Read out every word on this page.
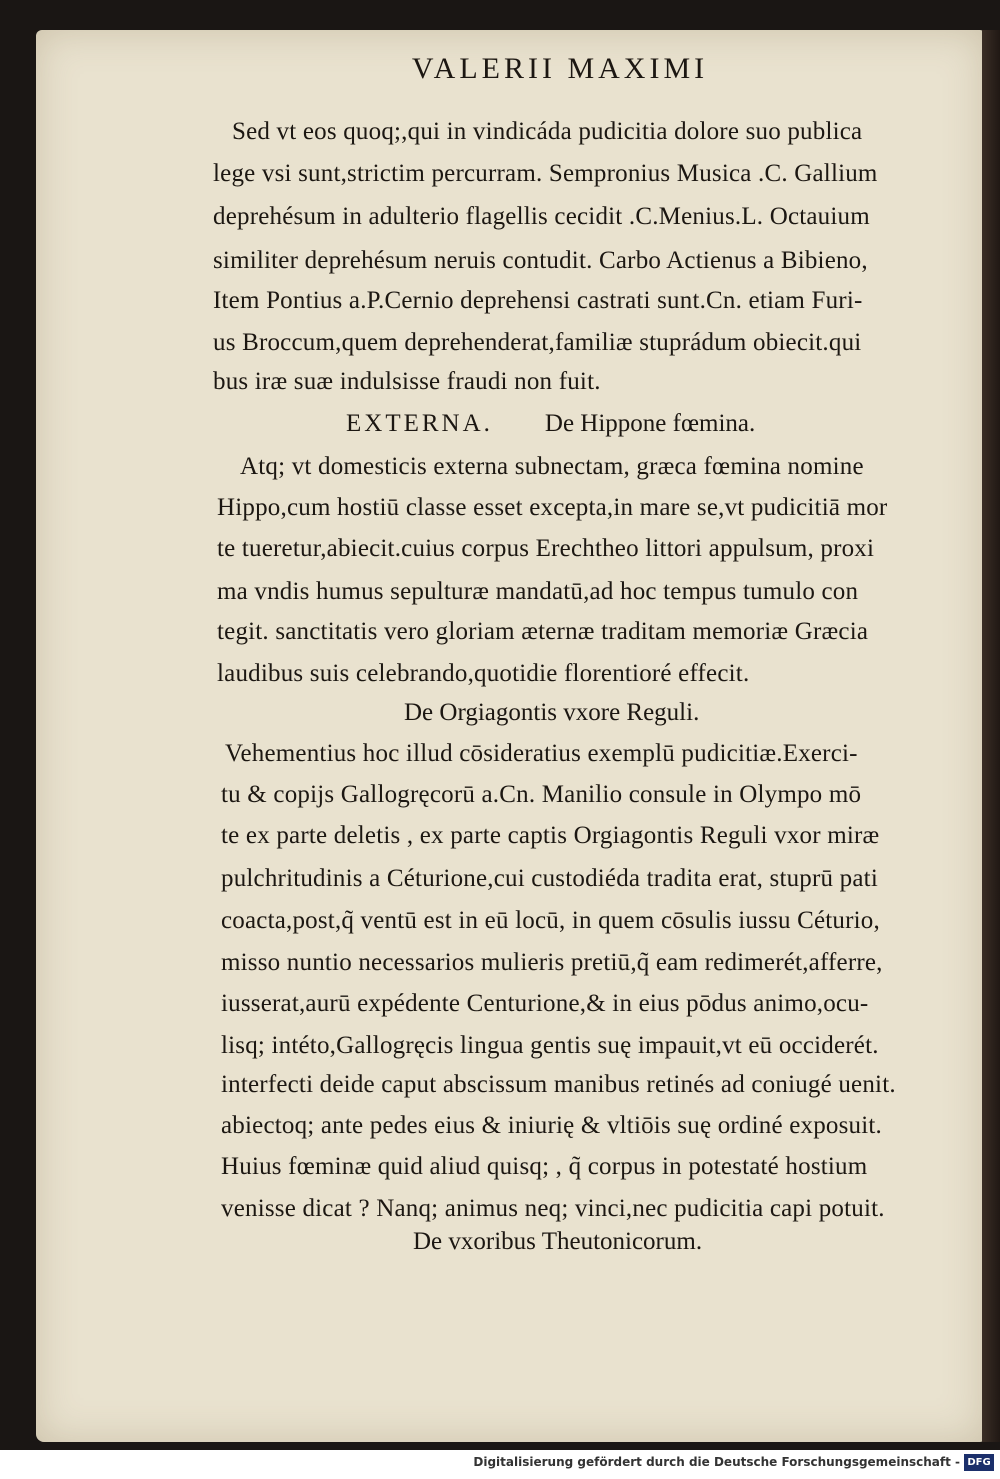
VALERII MAXIMI
Sed vt eos quoq;,qui in vindicáda pudicitia dolore suo publica
lege vsi sunt,strictim percurram. Sempronius Musica .C. Gallium
deprehésum in adulterio flagellis cecidit .C.Menius.L. Octauium
similiter deprehésum neruis contudit. Carbo Actienus a Bibieno,
Item Pontius a.P.Cernio deprehensi castrati sunt.Cn. etiam Furi-
us Broccum,quem deprehenderat,familiæ stuprádum obiecit.qui
bus iræ suæ indulsisse fraudi non fuit.
EXTERNA. De Hippone fœmina.
Atq; vt domesticis externa subnectam, græca fœmina nomine
Hippo,cum hostiū classe esset excepta,in mare se,vt pudicitiā mor
te tueretur,abiecit.cuius corpus Erechtheo littori appulsum, proxi
ma vndis humus sepulturæ mandatū,ad hoc tempus tumulo con
tegit. sanctitatis vero gloriam æternæ traditam memoriæ Græcia
laudibus suis celebrando,quotidie florentioré effecit.
De Orgiagontis vxore Reguli.
Vehementius hoc illud cōsideratius exemplū pudicitiæ.Exerci-
tu & copijs Gallogręcorū a.Cn. Manilio consule in Olympo mō
te ex parte deletis , ex parte captis Orgiagontis Reguli vxor miræ
pulchritudinis a Céturione,cui custodiéda tradita erat, stuprū pati
coacta,post,q̃ ventū est in eū locū, in quem cōsulis iussu Céturio,
misso nuntio necessarios mulieris pretiū,q̃ eam redimerét,afferre,
iusserat,aurū expédente Centurione,& in eius pōdus animo,ocu-
lisq; intéto,Gallogręcis lingua gentis suę impauit,vt eū occiderét.
interfecti deide caput abscissum manibus retinés ad coniugé uenit.
abiectoq; ante pedes eius & iniurię & vltiōis suę ordiné exposuit.
Huius fœminæ quid aliud quisq; , q̃ corpus in potestaté hostium
venisse dicat ? Nanq; animus neq; vinci,nec pudicitia capi potuit.
De vxoribus Theutonicorum.
Digitalisierung gefördert durch die Deutsche Forschungsgemeinschaft - DFG
